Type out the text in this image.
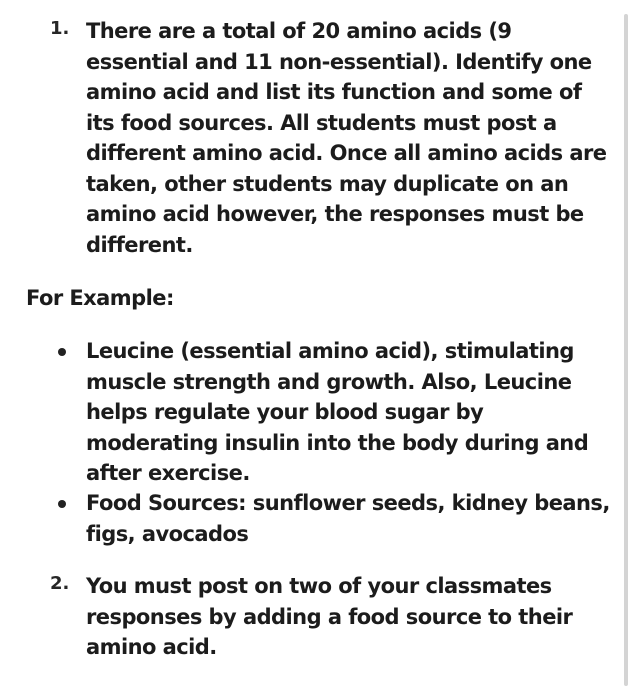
1. There are a total of 20 amino acids (9 essential and 11 non-essential). Identify one amino acid and list its function and some of its food sources. All students must post a different amino acid. Once all amino acids are taken, other students may duplicate on an amino acid however, the responses must be different.
For Example:
Leucine (essential amino acid), stimulating muscle strength and growth. Also, Leucine helps regulate your blood sugar by moderating insulin into the body during and after exercise.
Food Sources: sunflower seeds, kidney beans, figs, avocados
2. You must post on two of your classmates responses by adding a food source to their amino acid.
